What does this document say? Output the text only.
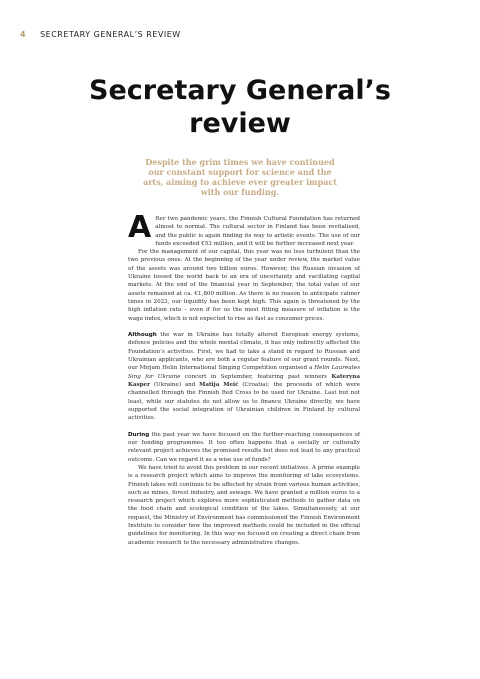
4 SECRETARY GENERAL’S REVIEW
Secretary General’s
review

Despite the grim times we have continued our constant support for science and the arts, aiming to achieve ever greater impact with our funding.

After two pandemic years, the Finnish Cultural Foundation has returned almost to normal. The cultural sector in Finland has been revitalised, and the public is again finding its way to artistic events. The use of our funds exceeded €53 million, and it will be further increased next year.

For the management of our capital, this year was no less turbulent than the two previous ones. At the beginning of the year under review, the market value of the assets was around two billion euros. However, the Russian invasion of Ukraine tossed the world back to an era of uncertainty and vacillating capital markets. At the end of the financial year in September, the total value of our assets remained at ca. €1,800 million. As there is no reason to anticipate calmer times in 2023, our liquidity has been kept high. This again is threatened by the high inflation rate – even if for us the most fitting measure of inflation is the wage index, which is not expected to rise as fast as consumer prices.

Although the war in Ukraine has totally altered European energy systems, defence policies and the whole mental climate, it has only indirectly affected the Foundation’s activities. First, we had to take a stand in regard to Russian and Ukrainian applicants, who are both a regular feature of our grant rounds. Next, our Mirjam Helin International Singing Competition organised a Helin Laureates Sing for Ukraine concert in September, featuring past winners Kateryna Kasper (Ukraine) and Matija Meić (Croatia): the proceeds of which were channelled through the Finnish Red Cross to be used for Ukraine. Last but not least, while our statutes do not allow us to finance Ukraine directly, we have supported the social integration of Ukrainian children in Finland by cultural activities.

During the past year we have focused on the further-reaching consequences of our funding programmes. It too often happens that a socially or culturally relevant project achieves the promised results but does not lead to any practical outcome. Can we regard it as a wise use of funds?

We have tried to avoid this problem in our recent initiatives. A prime example is a research project which aims to improve the monitoring of lake ecosystems. Finnish lakes will continue to be affected by strain from various human activities, such as mines, forest industry, and sewage. We have granted a million euros to a research project which explores more sophisticated methods to gather data on the food chain and ecological condition of the lakes. Simultaneously, at our request, the Ministry of Environment has commissioned the Finnish Environment Institute to consider how the improved methods could be included in the official guidelines for monitoring. In this way we focused on creating a direct chain from academic research to the necessary administrative changes.
